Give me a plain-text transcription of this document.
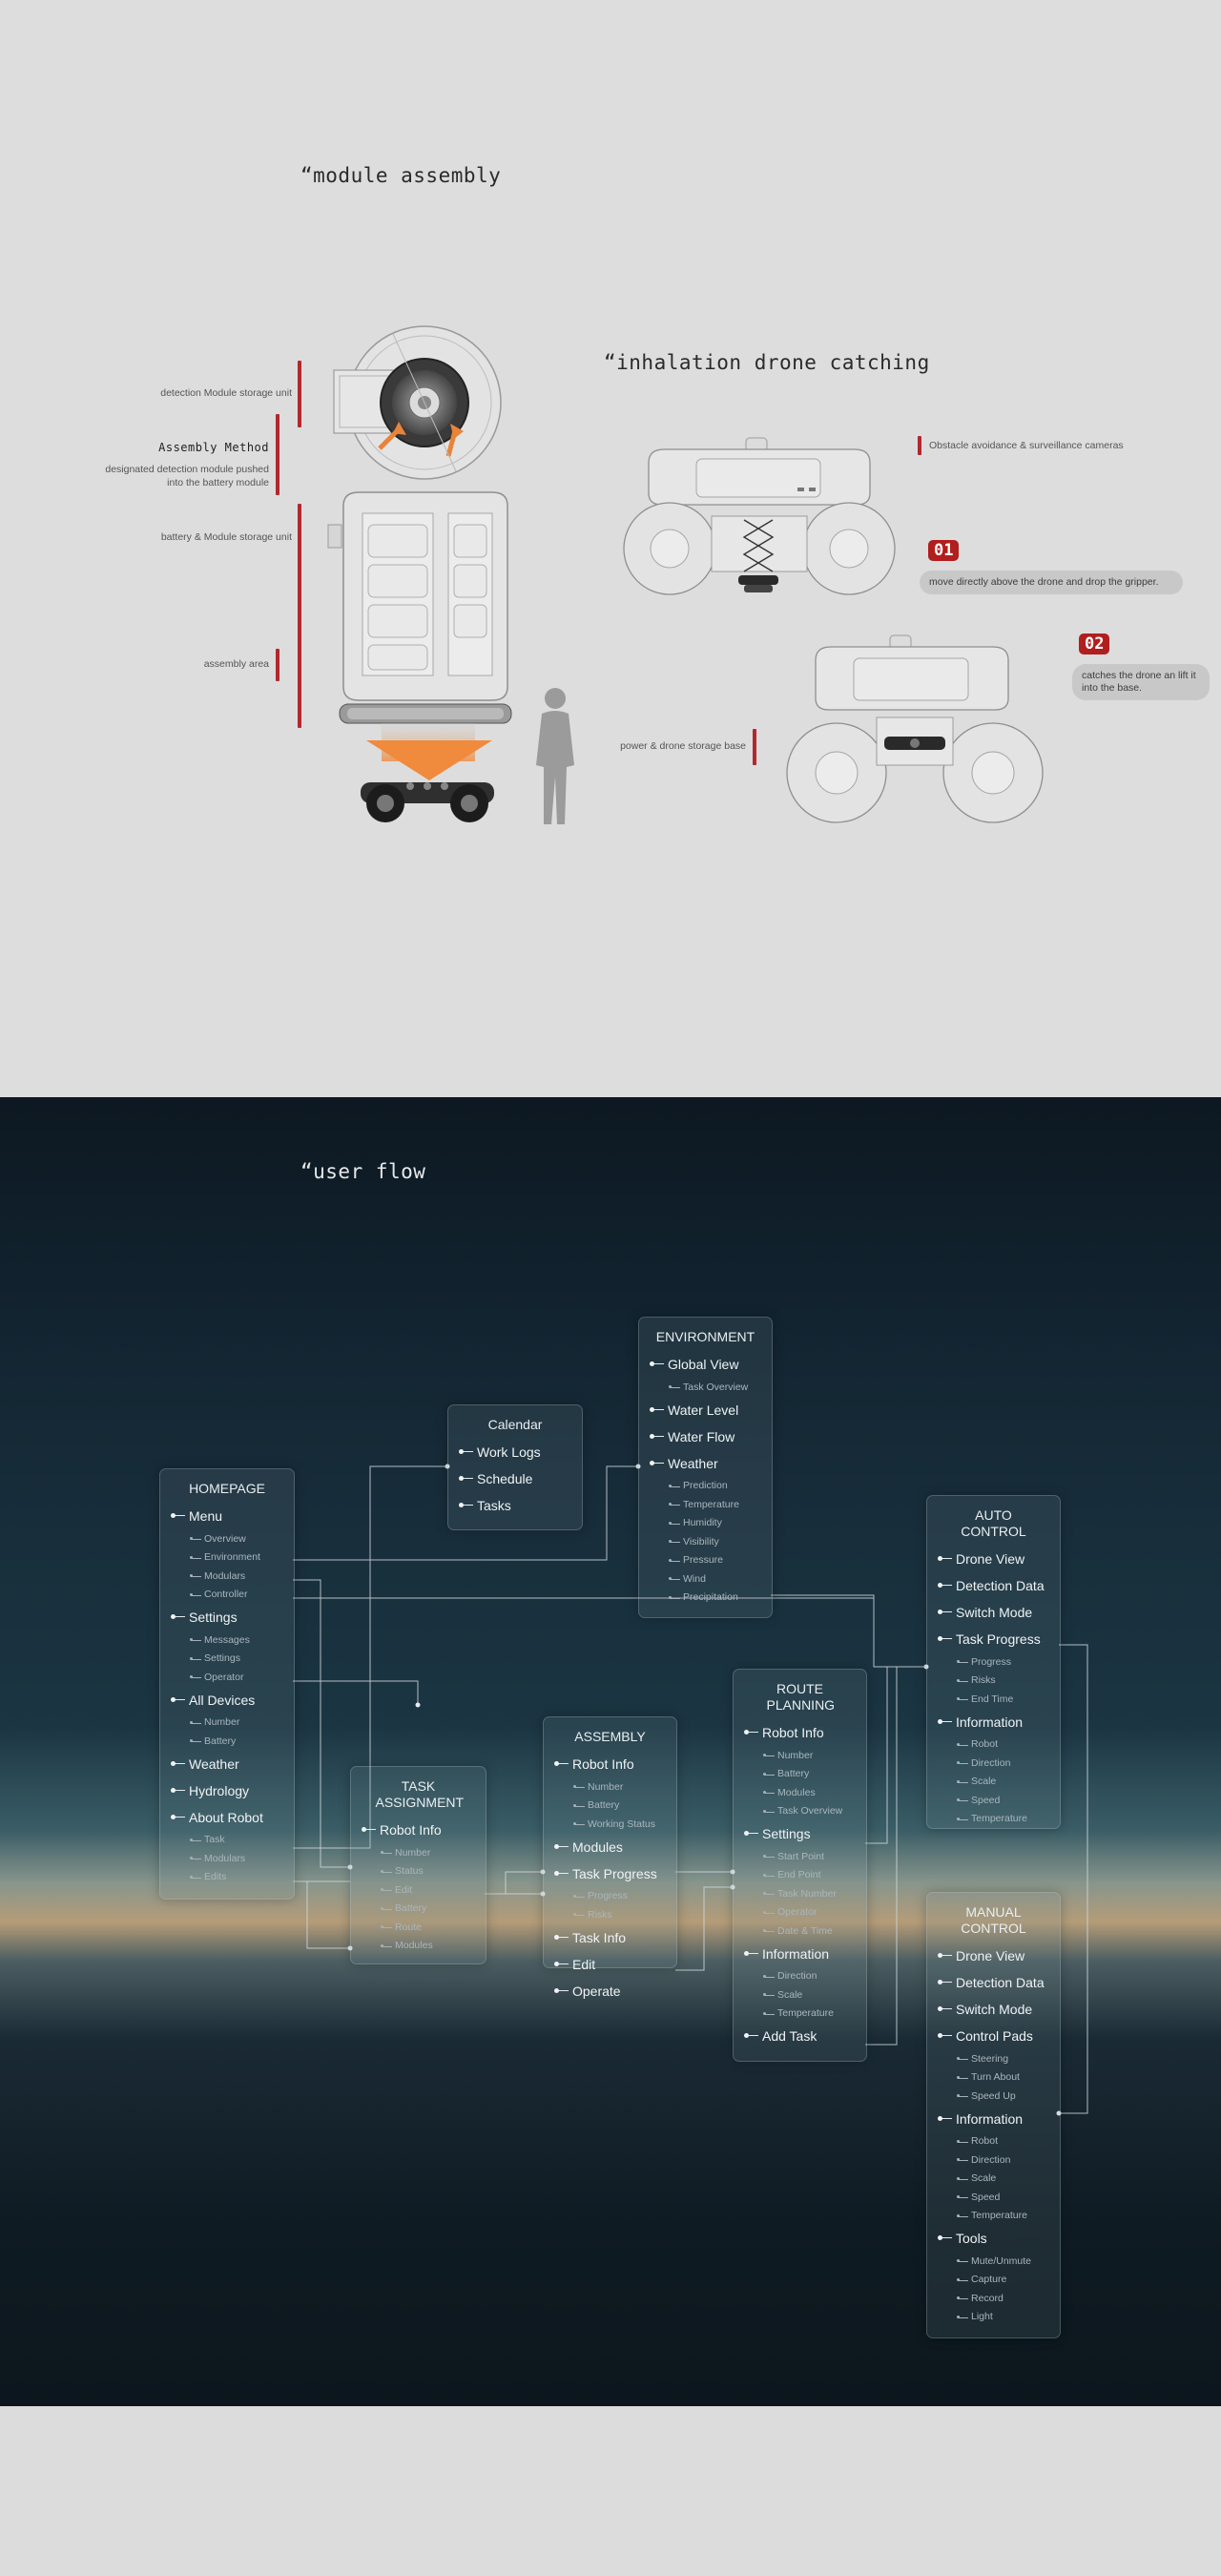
“module assembly
detection Module storage unit
Assembly Method
designated detection module pushed into the battery module
battery & Module storage unit
assembly area
“inhalation drone catching
Obstacle avoidance & surveillance cameras
01
move directly above the drone and drop the gripper.
02
catches the drone an lift it into the base.
power & drone storage base
“user flow
HOMEPAGE
Menu
Overview
Environment
Modulars
Controller
Settings
Messages
Settings
Operator
All Devices
Number
Battery
Weather
Hydrology
About Robot
Task
Modulars
Edits
Calendar
Work Logs
Schedule
Tasks
ENVIRONMENT
Global View
Task Overview
Water Level
Water Flow
Weather
Prediction
Temperature
Humidity
Visibility
Pressure
Wind
Precipitation
TASK ASSIGNMENT
Robot Info
Number
Status
Edit
Battery
Route
Modules
ASSEMBLY
Robot Info
Number
Battery
Working Status
Modules
Task Progress
Progress
Risks
Task Info
Edit
Operate
ROUTE PLANNING
Robot Info
Number
Battery
Modules
Task Overview
Settings
Start Point
End Point
Task Number
Operator
Date & Time
Information
Direction
Scale
Temperature
Add Task
AUTO CONTROL
Drone View
Detection Data
Switch Mode
Task Progress
Progress
Risks
End Time
Information
Robot
Direction
Scale
Speed
Temperature
MANUAL CONTROL
Drone View
Detection Data
Switch Mode
Control Pads
Steering
Turn About
Speed Up
Information
Robot
Direction
Scale
Speed
Temperature
Tools
Mute/Unmute
Capture
Record
Light
